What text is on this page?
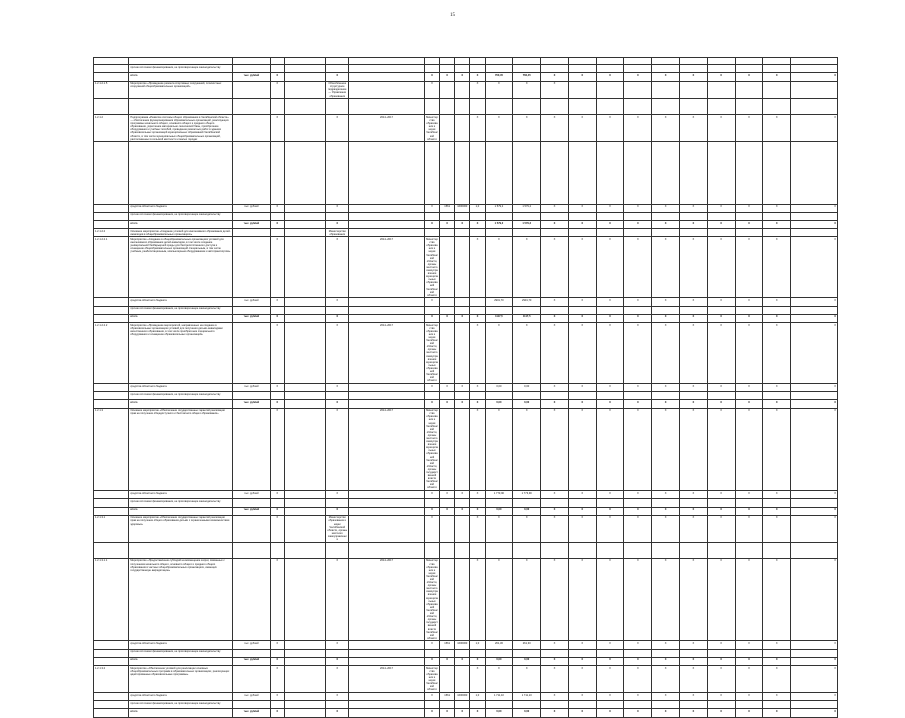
15

	прочие источники финансирования, не противоречащие законодательству																					
	итого	тыс. рублей	Х		Х		Х	Х	Х	Х	760,45	760,45	Х	Х	Х	Х	Х	Х	Х	Х	Х	Х
1.2.1.2.1.5	Мероприятие «Проведение ремонта спортивных сооружений, плоскостных сооружений общеобразовательных организаций»		Х		Обособленное структурное подразделение — Управление образования		Х			Х	Х	Х	Х									

1.2.1.2	Подпрограмма «Развитие системы общего образования в Челябинской области» — обеспечение функционирования образовательных организаций, реализующих программы начального общего, основного общего и среднего общего образования, укрепление материально-технической базы, приобретение оборудования и учебных пособий, проведение ремонтных работ в зданиях образовательных организаций муниципальных образований Челябинской области, в том числе муниципальных общеобразовательных организаций, расположенных в сельской местности и малых городах		Х		Х	2014–2017	Министерство образования и науки Челябинской области			Х	Х	Х	Х	Х	Х	Х	Х	Х	Х	Х	Х	Х

	средства областного бюджета	тыс. рублей	Х		Х		Х	1561	1606063	1,0	1 579,2	1 579,2	Х	Х	Х	Х	Х	Х	Х	Х	Х	Х
	прочие источники финансирования, не противоречащие законодательству																					
	итого	тыс. рублей	Х		Х		Х	Х	Х	Х	1 579,2	1 579,2	Х	Х	Х	Х	Х	Х	Х	Х	Х	Х
1.2.1.2.2	Основное мероприятие «Создание условий для инклюзивного образования детей-инвалидов в общеобразовательных организациях»				Министерство образования																	
1.2.1.2.2.1	Мероприятие «Создание в общеобразовательных организациях условий для инклюзивного образования детей-инвалидов, в том числе создание универсальной безбарьерной среды для беспрепятственного доступа и оснащение общеобразовательных организаций специальным, в том числе учебным, реабилитационным, компьютерным оборудованием и автотранспортом»		Х		Х	2014–2017	Министерство образования и науки Челябинской области, органы местного самоуправления муниципальных образований Челябинской области			Х	Х	Х	Х	Х	Х	Х	Х	Х	Х	Х	Х	Х
	средства областного бюджета	тыс. рублей	Х		Х		Х				2901,70	2901,70	Х	Х	Х	Х	Х	Х	Х	Х	Х	Х
	прочие источники финансирования, не противоречащие законодательству																					
	итого	тыс. рублей	Х		Х		Х	Х	Х	Х	1117,5	1117,5	Х	Х	Х	Х	Х	Х	Х	Х	Х	Х
1.2.1.2.2.2	Мероприятие «Проведение мероприятий, направленных на создание в образовательных организациях условий для получения детьми-инвалидами качественного образования, в том числе приобретение специального оборудования и оснащение образовательных организаций»		Х		Х	2014–2017	Министерство образования и науки Челябинской области, органы местного самоуправления муниципальных образований Челябинской области			Х	Х	Х	Х	Х	Х	Х	Х	Х	Х	Х	Х	Х
	средства областного бюджета	тыс. рублей	Х		Х		Х	Х	Х	Х	0,00	0,00	Х	Х	Х	Х	Х	Х	Х	Х	Х	Х
	прочие источники финансирования, не противоречащие законодательству																					
	итого	тыс. рублей	Х		Х		Х	Х	Х	Х	0,00	0,00	Х	Х	Х	Х	Х	Х	Х	Х	Х	Х
1.2.1.3	Основное мероприятие «Обеспечение государственных гарантий реализации прав на получение общедоступного и бесплатного общего образования»		Х		Х	2014–2017	Министерство образования и науки Челябинской области, органы местного самоуправления муниципальных образований Челябинской области, органы государственной власти Челябинской области			Х	Х	Х	Х	Х	Х	Х	Х	Х	Х	Х	Х	Х
	средства областного бюджета	тыс. рублей	Х		Х		Х	Х	Х	Х	1 773,90	1 773,90	Х	Х	Х	Х	Х	Х	Х	Х	Х	Х
	прочие источники финансирования, не противоречащие законодательству																					
	итого	тыс. рублей	Х		Х		Х	Х	Х	Х	0,00	0,00	Х	Х	Х	Х	Х	Х	Х	Х	Х	Х
1.2.1.3.1	Основное мероприятие «Обеспечение государственных гарантий реализации прав на получение общего образования детьми с ограниченными возможностями здоровья»		Х		Министерство образования и науки Челябинской области, органы местного самоуправления		Х			Х	Х	Х	Х	Х	Х	Х	Х	Х	Х	Х	Х	Х

1.2.1.3.1.1	Мероприятие «Предоставление субсидий на возмещение затрат, связанных с получением начального общего, основного общего и среднего общего образования в частных общеобразовательных организациях, имеющих государственную аккредитацию»		Х		Х	2014–2017	Министерство образования и науки Челябинской области, органы местного самоуправления муниципальных образований Челябинской области, органы государственной власти Челябинской области			Х	Х	Х	Х	Х	Х	Х	Х	Х	Х	Х	Х	Х
	средства областного бюджета	тыс. рублей	Х		Х		Х	1561	1606063	1,0	261,30	261,30	Х	Х	Х	Х	Х	Х	Х	Х	Х	Х
	прочие источники финансирования, не противоречащие законодательству																					
	итого	тыс. рублей	Х		Х		Х	Х	Х	Х	0,00	0,00	Х	Х	Х	Х	Х	Х	Х	Х	Х	Х
1.2.1.3.2	Мероприятие «Обеспечение условий для реализации основных общеобразовательных программ в образовательных организациях, реализующих адаптированные образовательные программы»		Х		Х	2014–2017	Министерство образования и науки Челябинской области			Х	Х	Х	Х	Х	Х	Х	Х	Х	Х	Х	Х	Х
	средства областного бюджета	тыс. рублей	Х		Х		Х	1561	1606063	1,0	1 711,10	1 711,10	Х	Х	Х	Х	Х	Х	Х	Х	Х	Х
	прочие источники финансирования, не противоречащие законодательству																					
	итого	тыс. рублей	Х		Х		Х	Х	Х	Х	0,00	0,00	Х	Х	Х	Х	Х	Х	Х	Х	Х	Х
